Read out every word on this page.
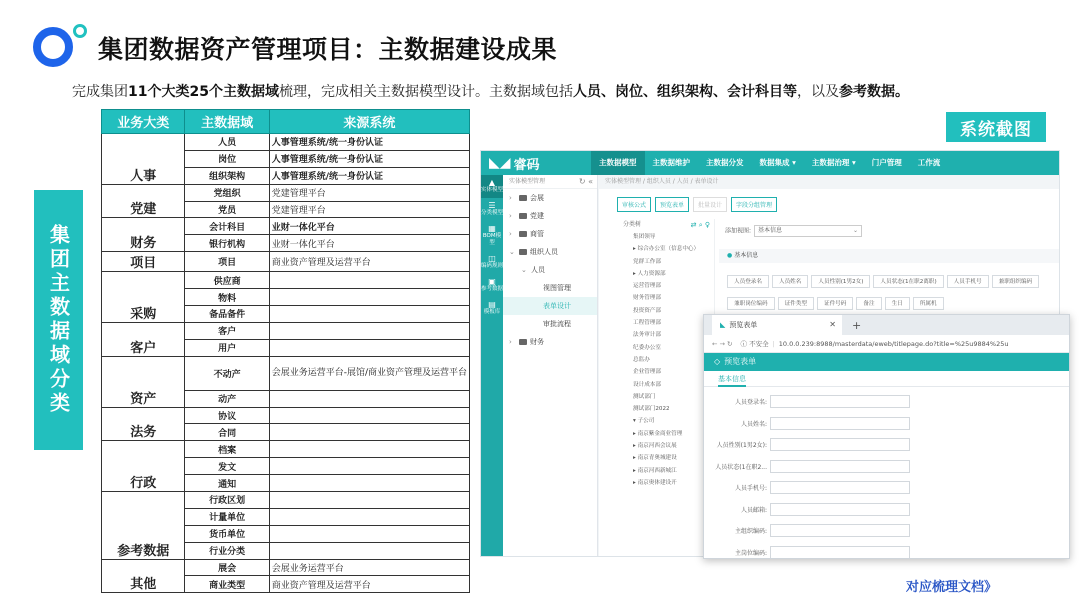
集团数据资产管理项目：主数据建设成果
完成集团11个大类25个主数据域梳理，完成相关主数据模型设计。主数据域包括人员、岗位、组织架构、会计科目等，以及参考数据。
集团主数据域分类
业务大类	主数据域	来源系统
人事	人员	人事管理系统/统一身份认证
	岗位	人事管理系统/统一身份认证
	组织架构	人事管理系统/统一身份认证
党建	党组织	党建管理平台
	党员	党建管理平台
财务	会计科目	业财一体化平台
	银行机构	业财一体化平台
项目	项目	商业资产管理及运营平台
采购	供应商	
	物料	
	备品备件	
客户	客户	
	用户	
资产	不动产	会展业务运营平台-展馆/商业资产管理及运营平台
	动产	
法务	协议	
	合同	
行政	档案	
	发文	
	通知	
参考数据	行政区划	
	计量单位	
	货币单位	
	行业分类	
其他	展会	会展业务运营平台
	商业类型	商业资产管理及运营平台
系统截图
◣◢ 睿码	主数据模型	主数据维护	主数据分发	数据集成 ▾	主数据治理 ▾	门户管理	工作流
▲
实体模型
☰
分类模型
▦
BOM模型
◫
编码规则
▣
参考数据
▤
模板库
实体模型管理	↻ «
›	会展
›	党建
›	商管
⌄ 组织人员
⌄ 人员
视图管理
表单设计
审批流程
›	财务
实体模型管理 / 组织人员 / 人员 / 表单设计
审核公式	预览表单	批量设计	字段分组管理
分类树	⇄ ⌕ ♀
集团领导
▸ 综合办公室（信息中心）
党群工作部
▸ 人力资源部
运营管理部
财务管理部
投资资产部
工程管理部
法务审计部
纪委办公室
总监办
企业管理部
设计成本部
测试部门
测试部门2022
▾ 子公司
▸ 南京紫金商业管理
▸ 南京河西会议展
▸ 南京青奥城建设
▸ 南京河西新城江
▸ 南京奥体建设开
添加视图: 基本信息	⌄
● 基本信息
人员登录名	人员姓名	人员性别(1男2女)	人员状态(1在职2离职)	人员手机号	兼职组织编码兼职岗位编码	证件类型	证件号码	备注	生日	所属机
◣ 预览表单	✕ +
← → ↻ ⓘ 不安全 | 10.0.0.239:8988/masterdata/eweb/titlepage.do?title=%25u9884%25u
◇ 预览表单
基本信息
人员登录名:
人员姓名:
人员性别(1男2女):
人员状态(1在职2...
人员手机号:
人员邮箱:
主组织编码:
主岗位编码:
对应梳理文档》
